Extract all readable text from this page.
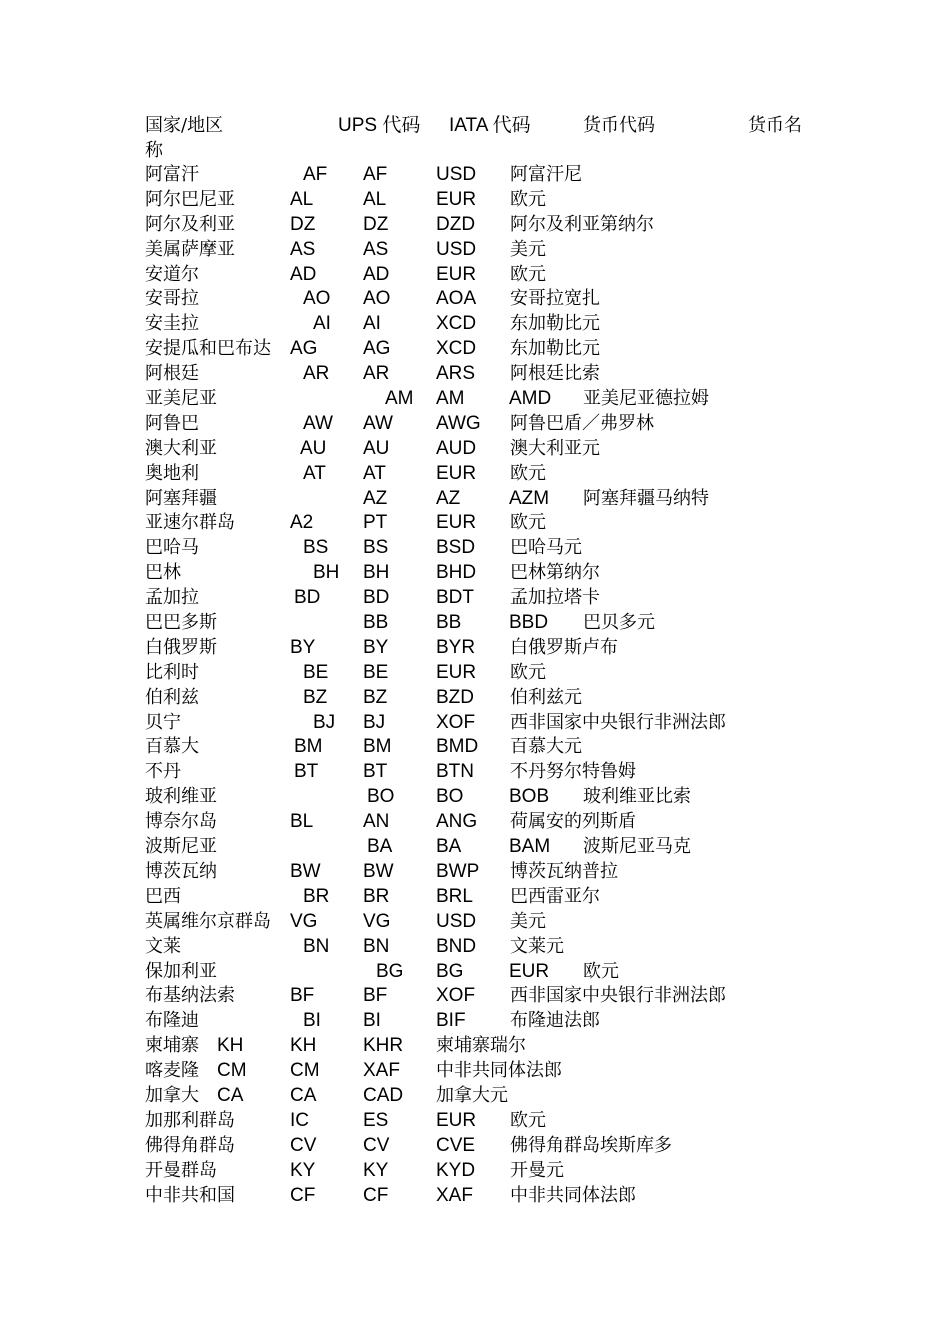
国家/地区	UPS 代码 IATA 代码	货币代码	货币名
称
阿富汗	AF AF	USD 阿富汗尼
阿尔巴尼亚	AL	AL	EUR 欧元
阿尔及利亚	DZ	DZ	DZD 阿尔及利亚第纳尔
美属萨摩亚	AS	AS	USD 美元
安道尔	AD AD EUR 欧元
安哥拉	AO AO AOA 安哥拉宽扎
安圭拉	AI AI	XCD 东加勒比元
安提瓜和巴布达 AG AG XCD 东加勒比元
阿根廷	AR AR ARS 阿根廷比索
亚美尼亚	AM AM AMD 亚美尼亚德拉姆
阿鲁巴	AW AW AWG 阿鲁巴盾／弗罗林
澳大利亚	AU AU AUD 澳大利亚元
奥地利	AT AT	EUR 欧元
阿塞拜疆	AZ	AZ	AZM 阿塞拜疆马纳特
亚速尔群岛	A2	PT	EUR 欧元
巴哈马	BS BS	BSD 巴哈马元
巴林	BH BH BHD 巴林第纳尔
孟加拉	BD BD BDT 孟加拉塔卡
巴巴多斯	BB	BB	BBD 巴贝多元
白俄罗斯	BY	BY	BYR 白俄罗斯卢布
比利时	BE BE	EUR 欧元
伯利兹	BZ BZ	BZD 伯利兹元
贝宁	BJ BJ	XOF 西非国家中央银行非洲法郎
百慕大	BM BM BMD 百慕大元
不丹	BT BT	BTN 不丹努尔特鲁姆
玻利维亚	BO BO BOB 玻利维亚比索
博奈尔岛	BL	AN ANG 荷属安的列斯盾
波斯尼亚	BA BA	BAM 波斯尼亚马克
博茨瓦纳	BW BW BWP 博茨瓦纳普拉
巴西	BR BR BRL 巴西雷亚尔
英属维尔京群岛 VG VG USD 美元
文莱	BN BN BND 文莱元
保加利亚	BG BG EUR 欧元
布基纳法索	BF	BF	XOF 西非国家中央银行非洲法郎
布隆迪	BI BI	BIF 布隆迪法郎
柬埔寨 KH KH KHR 柬埔寨瑞尔
喀麦隆 CM CM XAF 中非共同体法郎
加拿大 CA CA CAD 加拿大元
加那利群岛	IC	ES	EUR 欧元
佛得角群岛	CV CV CVE 佛得角群岛埃斯库多
开曼群岛	KY	KY	KYD 开曼元
中非共和国	CF	CF	XAF 中非共同体法郎
